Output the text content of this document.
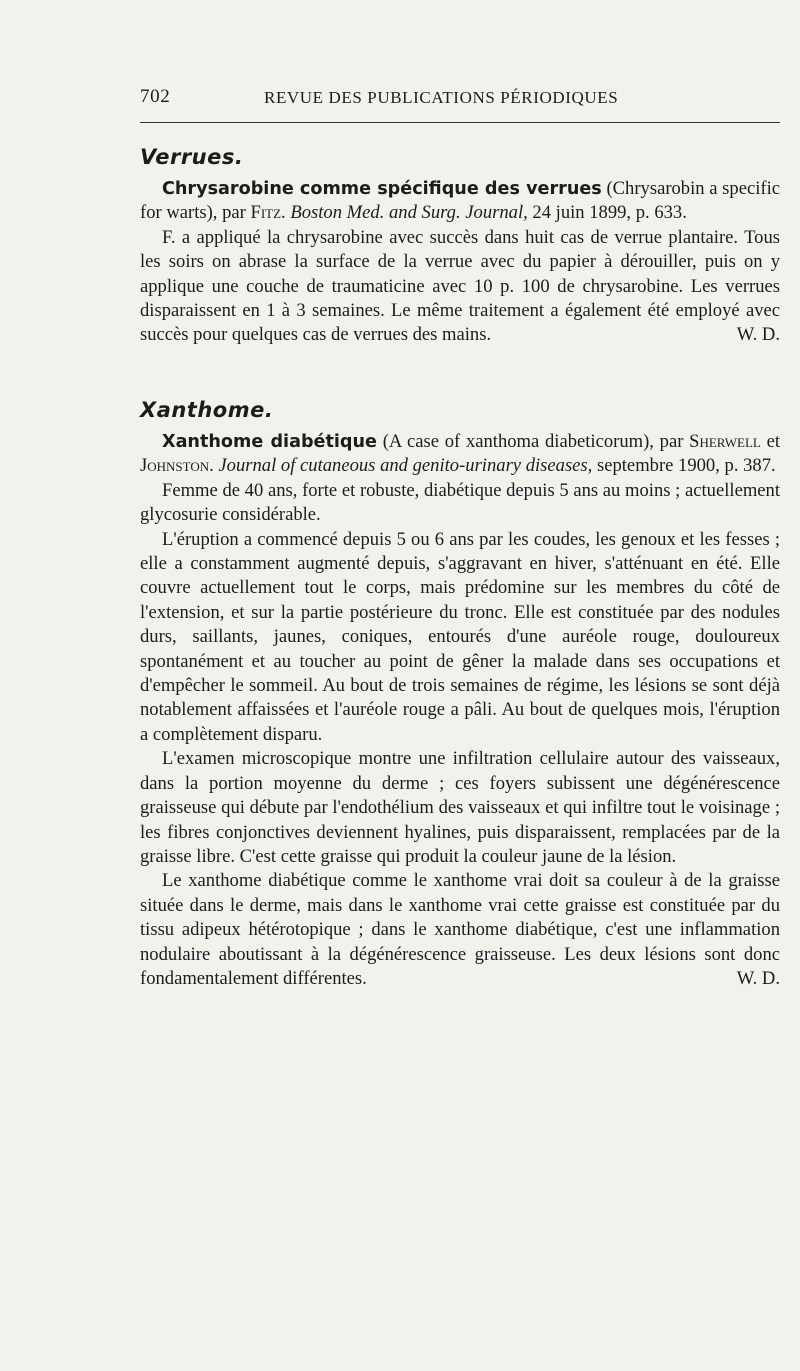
702	REVUE DES PUBLICATIONS PÉRIODIQUES
Verrues.

Chrysarobine comme spécifique des verrues (Chrysarobin a specific for warts), par Fitz. Boston Med. and Surg. Journal, 24 juin 1899, p. 633.

F. a appliqué la chrysarobine avec succès dans huit cas de verrue plantaire. Tous les soirs on abrase la surface de la verrue avec du papier à dérouiller, puis on y applique une couche de traumaticine avec 10 p. 100 de chrysarobine. Les verrues disparaissent en 1 à 3 semaines. Le même traitement a également été employé avec succès pour quelques cas de verrues des mains.	W. D.

Xanthome.

Xanthome diabétique (A case of xanthoma diabeticorum), par Sherwell et Johnston. Journal of cutaneous and genito-urinary diseases, septembre 1900, p. 387.

Femme de 40 ans, forte et robuste, diabétique depuis 5 ans au moins ; actuellement glycosurie considérable.

L'éruption a commencé depuis 5 ou 6 ans par les coudes, les genoux et les fesses ; elle a constamment augmenté depuis, s'aggravant en hiver, s'atténuant en été. Elle couvre actuellement tout le corps, mais prédomine sur les membres du côté de l'extension, et sur la partie postérieure du tronc. Elle est constituée par des nodules durs, saillants, jaunes, coniques, entourés d'une auréole rouge, douloureux spontanément et au toucher au point de gêner la malade dans ses occupations et d'empêcher le sommeil. Au bout de trois semaines de régime, les lésions se sont déjà notablement affaissées et l'auréole rouge a pâli. Au bout de quelques mois, l'éruption a complètement disparu.

L'examen microscopique montre une infiltration cellulaire autour des vaisseaux, dans la portion moyenne du derme ; ces foyers subissent une dégénérescence graisseuse qui débute par l'endothélium des vaisseaux et qui infiltre tout le voisinage ; les fibres conjonctives deviennent hyalines, puis disparaissent, remplacées par de la graisse libre. C'est cette graisse qui produit la couleur jaune de la lésion.

Le xanthome diabétique comme le xanthome vrai doit sa couleur à de la graisse située dans le derme, mais dans le xanthome vrai cette graisse est constituée par du tissu adipeux hétérotopique ; dans le xanthome diabétique, c'est une inflammation nodulaire aboutissant à la dégénérescence graisseuse. Les deux lésions sont donc fondamentalement différentes.	W. D.
